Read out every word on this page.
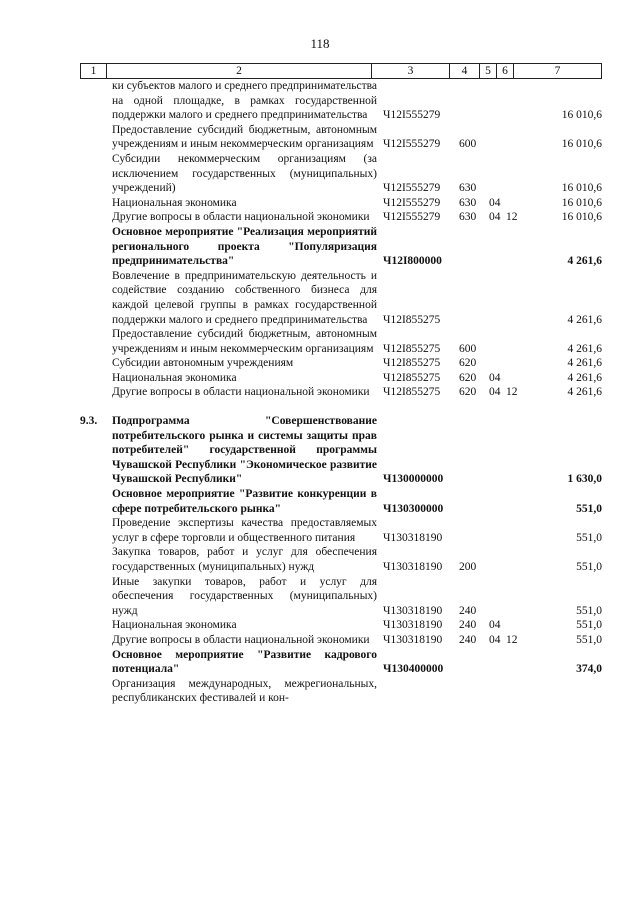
118
1	2	3	4	5 6	7
ки субъектов малого и среднего предпринимательства на одной площадке, в рамках государственной поддержки малого и среднего предпринимательства	Ч12I555279	16 010,6
Предоставление субсидий бюджетным, автономным учреждениям и иным некоммерческим организациям Ч12I555279	600	16 010,6
Субсидии некоммерческим организациям (за исключением государственных (муниципальных) учреждений)	Ч12I555279	630	16 010,6
Национальная экономика	Ч12I555279	630	04	16 010,6
Другие вопросы в области национальной экономики	Ч12I555279	630	04 12	16 010,6
Основное мероприятие "Реализация мероприятий регионального проекта "Популяризация предпринимательства"	Ч12I800000	4 261,6
Вовлечение в предпринимательскую деятельность и содействие созданию собственного бизнеса для каждой целевой группы в рамках государственной поддержки малого и среднего предпринимательства	Ч12I855275	4 261,6
Предоставление субсидий бюджетным, автономным учреждениям и иным некоммерческим организациям Ч12I855275	600	4 261,6
Субсидии автономным учреждениям	Ч12I855275	620	4 261,6
Национальная экономика	Ч12I855275	620	04	4 261,6
Другие вопросы в области национальной экономики	Ч12I855275	620	04 12	4 261,6
9.3.	Подпрограмма "Совершенствование потребительского рынка и системы защиты прав потребителей" государственной программы Чувашской Республики "Экономическое развитие Чувашской Республики"	Ч130000000	1 630,0
Основное мероприятие "Развитие конкуренции в сфере потребительского рынка"	Ч130300000	551,0
Проведение экспертизы качества предоставляемых услуг в сфере торговли и общественного питания	Ч130318190	551,0
Закупка товаров, работ и услуг для обеспечения государственных (муниципальных) нужд	Ч130318190	200	551,0
Иные закупки товаров, работ и услуг для обеспечения государственных (муниципальных) нужд	Ч130318190	240	551,0
Национальная экономика	Ч130318190	240	04	551,0
Другие вопросы в области национальной экономики	Ч130318190	240	04 12	551,0
Основное мероприятие "Развитие кадрового потенциала"	Ч130400000	374,0
Организация международных, межрегиональных, республиканских фестивалей и кон-
